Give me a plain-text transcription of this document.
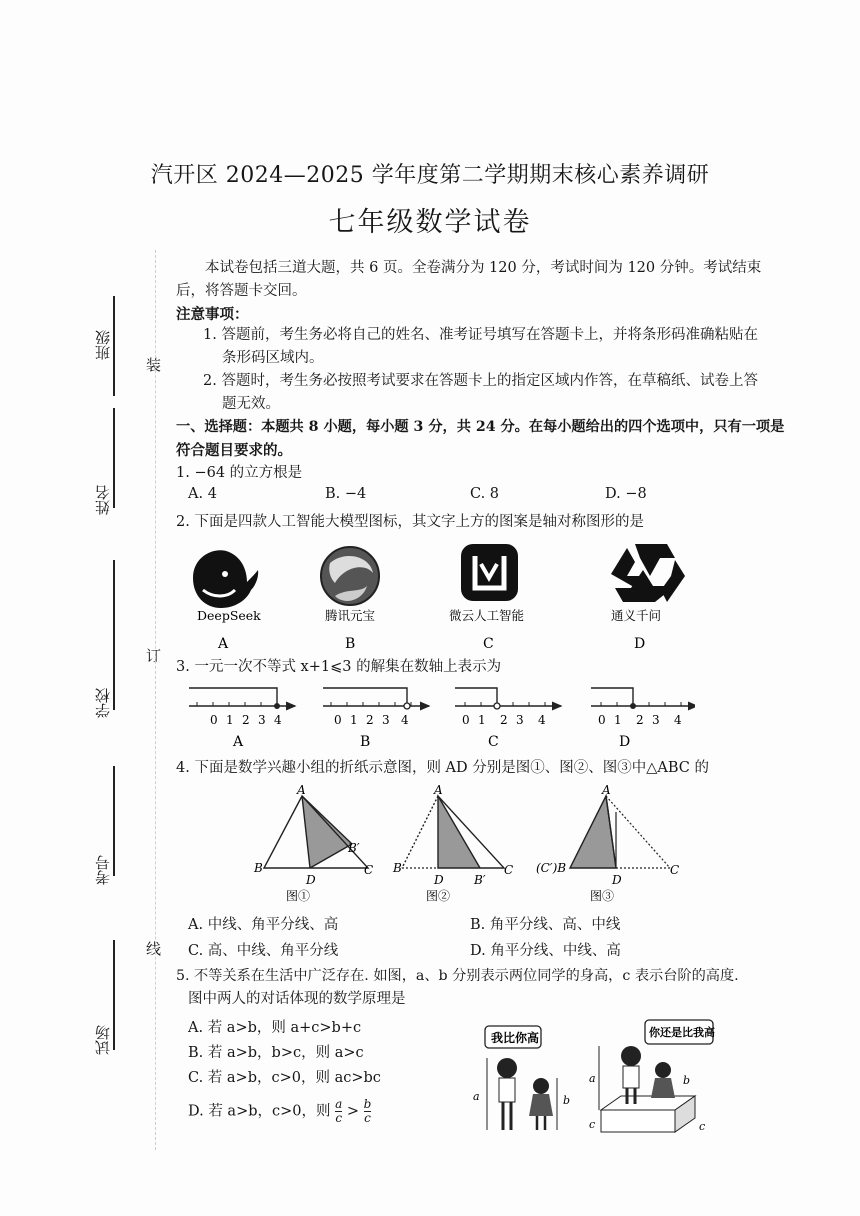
汽开区 2024—2025 学年度第二学期期末核心素养调研
七年级数学试卷
班级
姓名
学校
考号
试场
装
订
线
本试卷包括三道大题，共 6 页。全卷满分为 120 分，考试时间为 120 分钟。考试结束
后，将答题卡交回。
注意事项：
1. 答题前，考生务必将自己的姓名、准考证号填写在答题卡上，并将条形码准确粘贴在
条形码区域内。
2. 答题时，考生务必按照考试要求在答题卡上的指定区域内作答，在草稿纸、试卷上答
题无效。
一、选择题：本题共 8 小题，每小题 3 分，共 24 分。在每小题给出的四个选项中，只有一项是
符合题目要求的。
1. −64 的立方根是
A. 4	B. −4	C. 8	D. −8
2. 下面是四款人工智能大模型图标，其文字上方的图案是轴对称图形的是
DeepSeek	腾讯元宝	微云人工智能	通义千问
A	B	C	D
3. 一元一次不等式 x+1⩽3 的解集在数轴上表示为
0 1 2 3 4
A
0 1 2 3 4
B
0 1 2 3 4
C
0 1 2 3 4
D
4. 下面是数学兴趣小组的折纸示意图，则 AD 分别是图①、图②、图③中△ABC 的
A
B	C
D
B′
图①
A
B	C
D	B′
图②
A
(C′)B	C
D
图③
A. 中线、角平分线、高	B. 角平分线、高、中线
C. 高、中线、角平分线	D. 角平分线、中线、高
5. 不等关系在生活中广泛存在. 如图，a、b 分别表示两位同学的身高，c 表示台阶的高度.
图中两人的对话体现的数学原理是
A. 若 a>b，则 a+c>b+c
B. 若 a>b，b>c，则 a>c
C. 若 a>b，c>0，则 ac>bc
D. 若 a>b，c>0，则 $\frac{a}{c} > \frac{b}{c}$
我比你高
a	b
你还是比我高
a
c
b
c
